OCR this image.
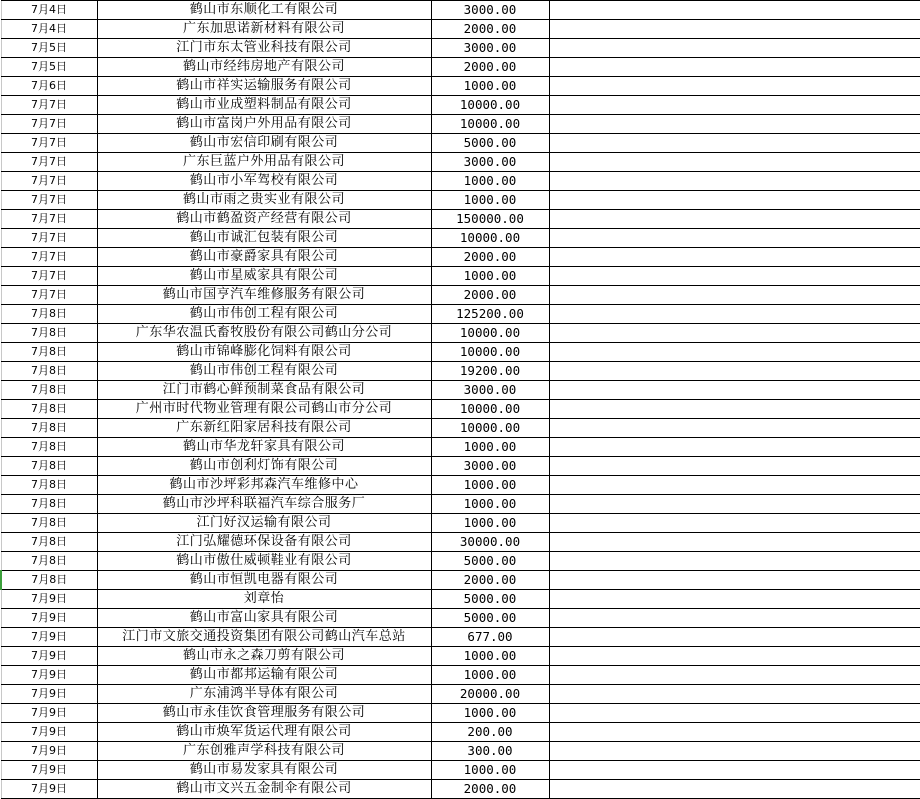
7月4日	鹤山市东顺化工有限公司	3000.00	
7月4日	广东加思诺新材料有限公司	2000.00	
7月5日	江门市东太管业科技有限公司	3000.00	
7月5日	鹤山市经纬房地产有限公司	2000.00	
7月6日	鹤山市祥实运输服务有限公司	1000.00	
7月7日	鹤山市业成塑料制品有限公司	10000.00	
7月7日	鹤山市富岗户外用品有限公司	10000.00	
7月7日	鹤山市宏信印刷有限公司	5000.00	
7月7日	广东巨蓝户外用品有限公司	3000.00	
7月7日	鹤山市小军驾校有限公司	1000.00	
7月7日	鹤山市雨之贵实业有限公司	1000.00	
7月7日	鹤山市鹤盈资产经营有限公司	150000.00	
7月7日	鹤山市诚汇包装有限公司	10000.00	
7月7日	鹤山市豪爵家具有限公司	2000.00	
7月7日	鹤山市星威家具有限公司	1000.00	
7月7日	鹤山市国亨汽车维修服务有限公司	2000.00	
7月8日	鹤山市伟创工程有限公司	125200.00	
7月8日	广东华农温氏畜牧股份有限公司鹤山分公司	10000.00	
7月8日	鹤山市锦峰膨化饲料有限公司	10000.00	
7月8日	鹤山市伟创工程有限公司	19200.00	
7月8日	江门市鹤心鲜预制菜食品有限公司	3000.00	
7月8日	广州市时代物业管理有限公司鹤山市分公司	10000.00	
7月8日	广东新红阳家居科技有限公司	10000.00	
7月8日	鹤山市华龙轩家具有限公司	1000.00	
7月8日	鹤山市创利灯饰有限公司	3000.00	
7月8日	鹤山市沙坪彩邦森汽车维修中心	1000.00	
7月8日	鹤山市沙坪科联福汽车综合服务厂	1000.00	
7月8日	江门好汉运输有限公司	1000.00	
7月8日	江门弘耀德环保设备有限公司	30000.00	
7月8日	鹤山市傲仕威顿鞋业有限公司	5000.00	
7月8日	鹤山市恒凯电器有限公司	2000.00	
7月9日	刘章怡	5000.00	
7月9日	鹤山市富山家具有限公司	5000.00	
7月9日	江门市文旅交通投资集团有限公司鹤山汽车总站	677.00	
7月9日	鹤山市永之森刀剪有限公司	1000.00	
7月9日	鹤山市都邦运输有限公司	1000.00	
7月9日	广东浦鸿半导体有限公司	20000.00	
7月9日	鹤山市永佳饮食管理服务有限公司	1000.00	
7月9日	鹤山市焕军货运代理有限公司	200.00	
7月9日	广东创雅声学科技有限公司	300.00	
7月9日	鹤山市易发家具有限公司	1000.00	
7月9日	鹤山市文兴五金制伞有限公司	2000.00	
